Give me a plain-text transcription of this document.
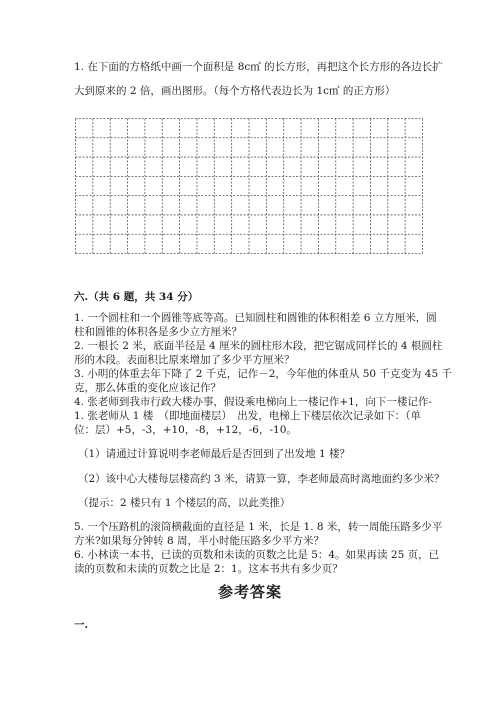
1. 在下面的方格纸中画一个面积是 8c㎡ 的长方形，再把这个长方形的各边长扩
大到原来的 2 倍，画出图形。（每个方格代表边长为 1c㎡ 的正方形）
六.（共 6 题，共 34 分）
1. 一个圆柱和一个圆锥等底等高。已知圆柱和圆锥的体积相差 6 立方厘米，圆
柱和圆锥的体积各是多少立方厘米？
2. 一根长 2 米，底面半径是 4 厘米的圆柱形木段，把它锯成同样长的 4 根圆柱
形的木段。表面积比原来增加了多少平方厘米？
3. 小明的体重去年下降了 2 千克，记作－2，今年他的体重从 50 千克变为 45 千
克，那么体重的变化应该记作？
4. 张老师到我市行政大楼办事，假设乘电梯向上一楼记作+1，向下一楼记作-
1. 张老师从 1 楼　（即地面楼层）　出发，电梯上下楼层依次记录如下：（单
位：层）+5，-3，+10，-8，+12，-6，-10。
（1）请通过计算说明李老师最后是否回到了出发地 1 楼？
（2）该中心大楼每层楼高约 3 米，请算一算，李老师最高时离地面约多少米？
（提示：2 楼只有 1 个楼层的高，以此类推）
5. 一个压路机的滚筒横截面的直径是 1 米，长是 1. 8 米，转一周能压路多少平
方米?如果每分钟转 8 周，半小时能压路多少平方米？
6. 小林读一本书，已读的页数和未读的页数之比是 5：4。如果再读 25 页，已
读的页数和未读的页数之比是 2：1。这本书共有多少页？
参考答案
一.
